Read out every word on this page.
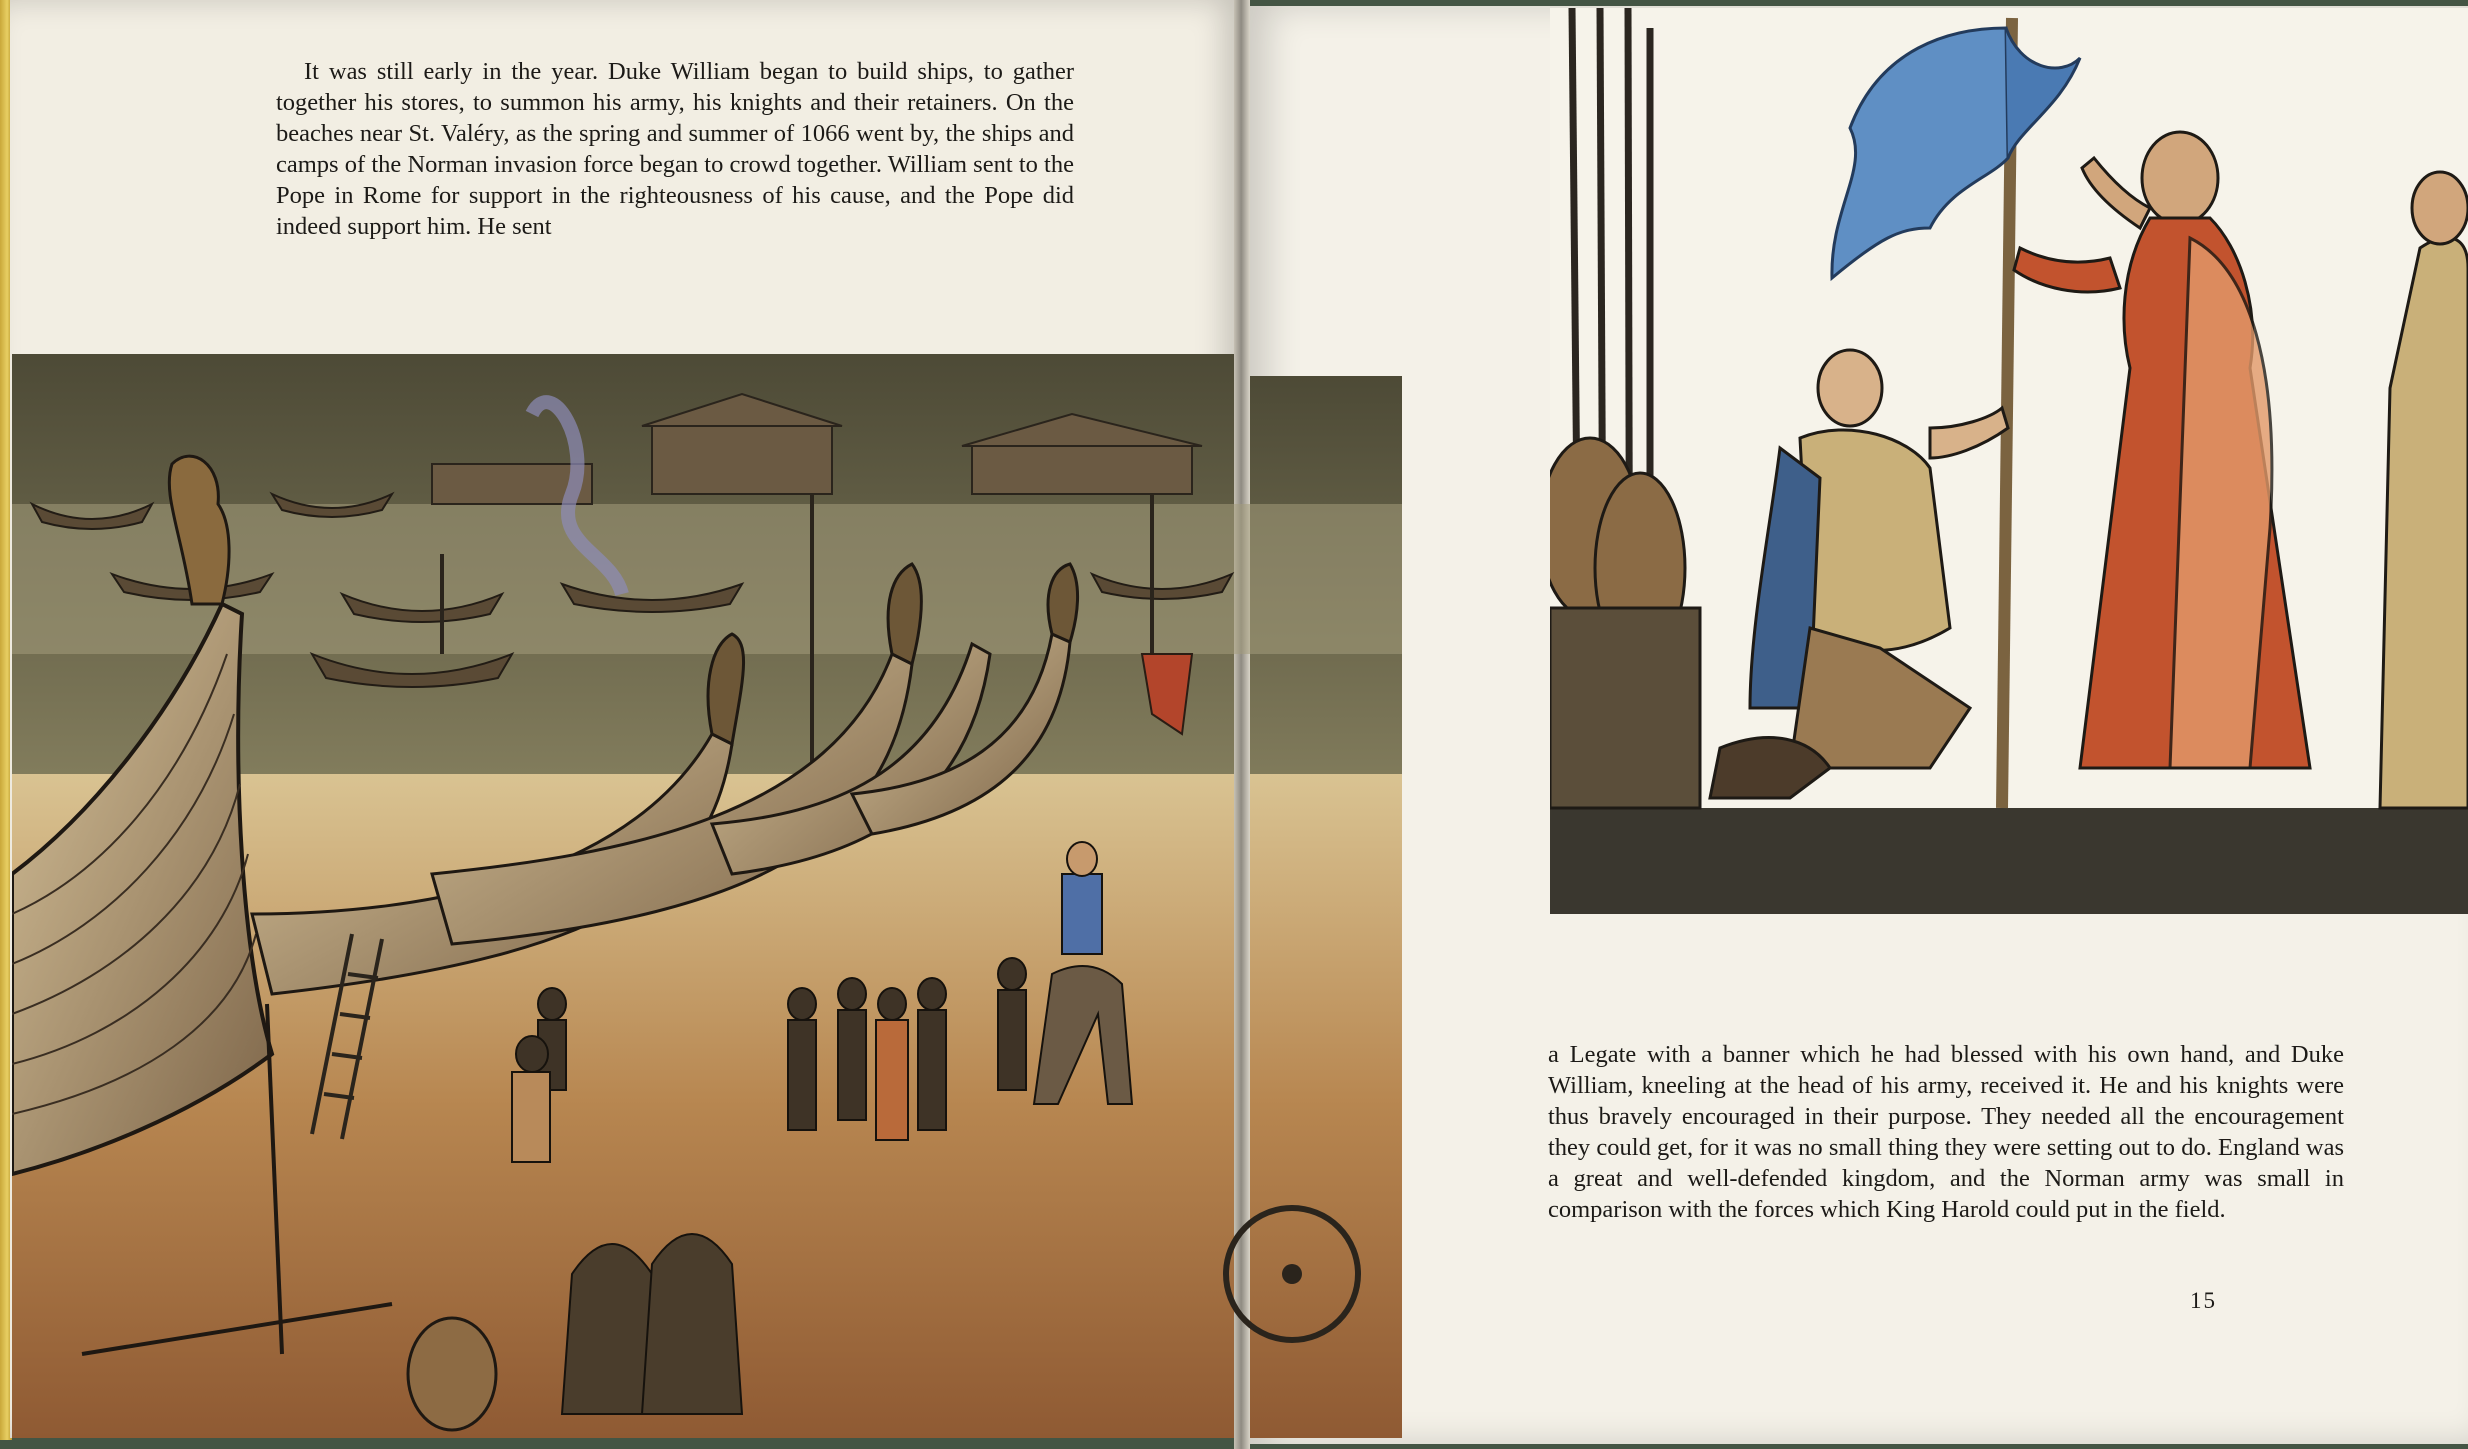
It was still early in the year. Duke William began to build ships, to gather together his stores, to summon his army, his knights and their retainers. On the beaches near St. Valéry, as the spring and summer of 1066 went by, the ships and camps of the Norman invasion force began to crowd together. William sent to the Pope in Rome for support in the righteousness of his cause, and the Pope did indeed support him. He sent

a Legate with a banner which he had blessed with his own hand, and Duke William, kneeling at the head of his army, received it. He and his knights were thus bravely encouraged in their purpose. They needed all the encouragement they could get, for it was no small thing they were setting out to do. England was a great and well-defended kingdom, and the Norman army was small in comparison with the forces which King Harold could put in the field.

15
